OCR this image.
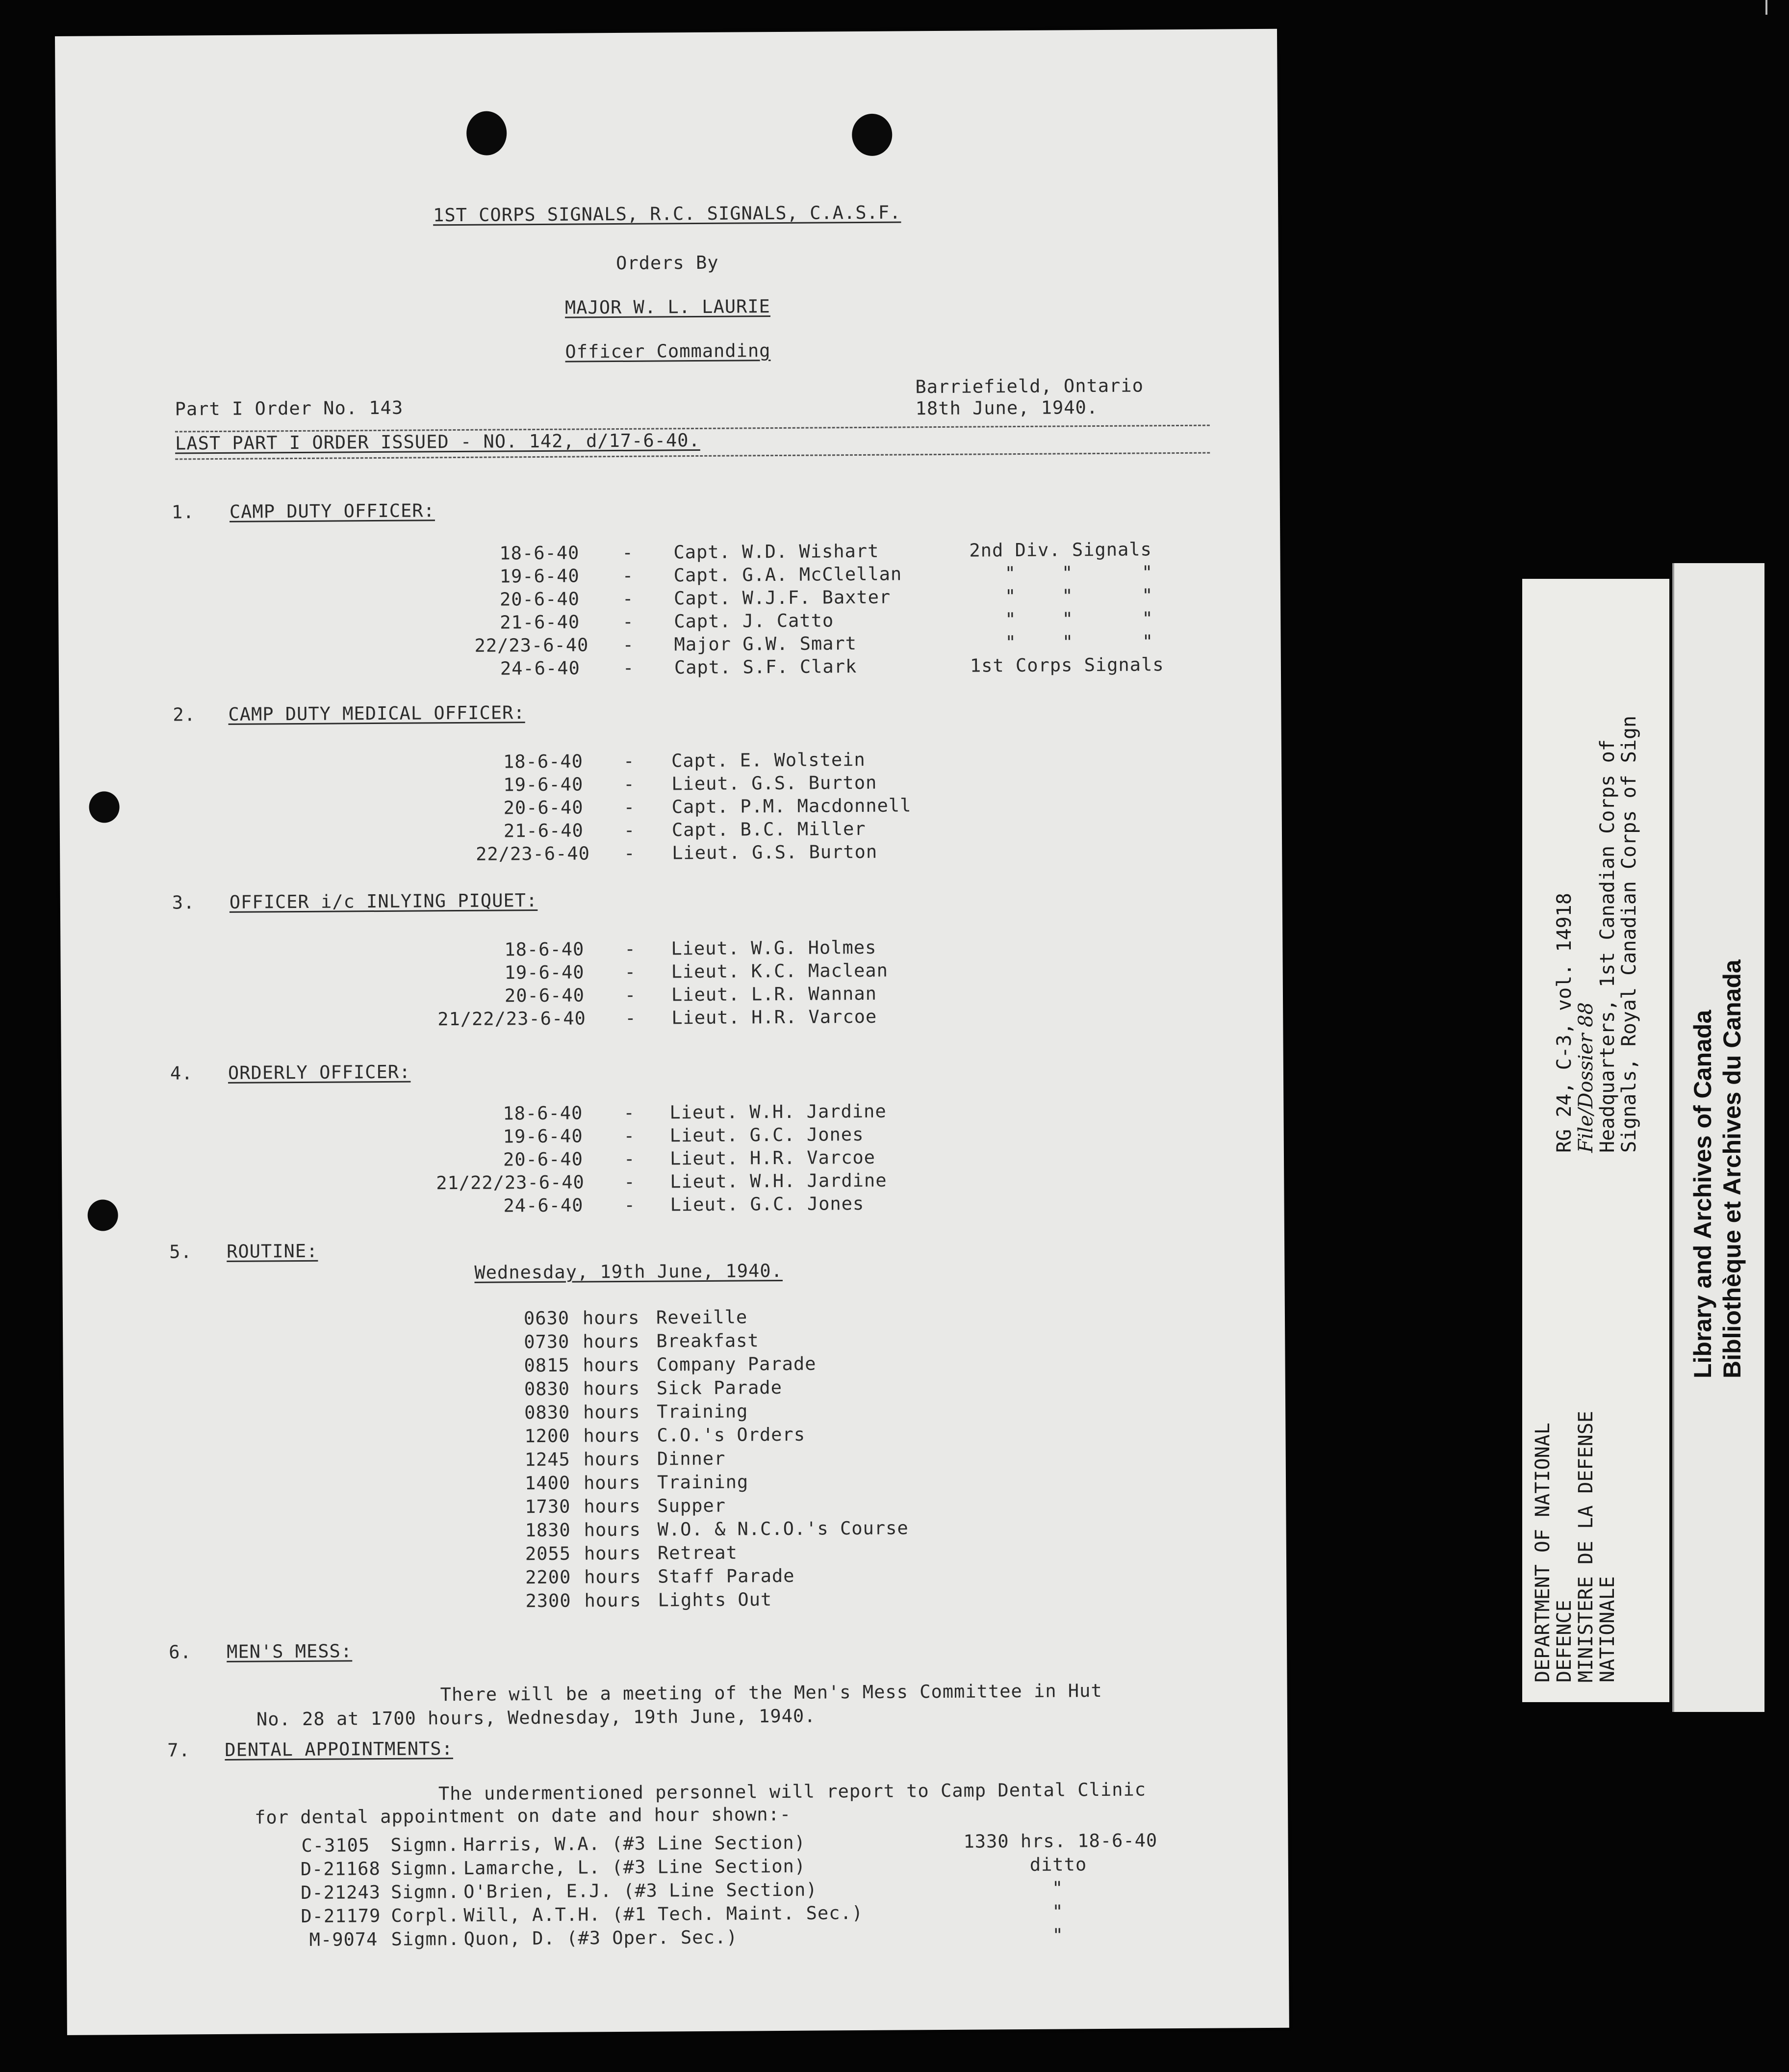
1ST CORPS SIGNALS, R.C. SIGNALS, C.A.S.F.
Orders By
MAJOR W. L. LAURIE
Officer Commanding
Part I Order No. 143
Barriefield, Ontario
18th June, 1940.
LAST PART I ORDER ISSUED - NO. 142, d/17-6-40.
1. CAMP DUTY OFFICER:
18-6-40 - Capt. W.D. Wishart	2nd Div. Signals
19-6-40 - Capt. G.A. McClellan	"    "      "
20-6-40 - Capt. W.J.F. Baxter	"    "      "
21-6-40 - Capt. J. Catto	"    "      "
22/23-6-40 - Major G.W. Smart	"    "      "
24-6-40 - Capt. S.F. Clark	1st Corps Signals
2. CAMP DUTY MEDICAL OFFICER:
18-6-40 - Capt. E. Wolstein
19-6-40 - Lieut. G.S. Burton
20-6-40 - Capt. P.M. Macdonnell
21-6-40 - Capt. B.C. Miller
22/23-6-40 - Lieut. G.S. Burton
3. OFFICER i/c INLYING PIQUET:
18-6-40 - Lieut. W.G. Holmes
19-6-40 - Lieut. K.C. Maclean
20-6-40 - Lieut. L.R. Wannan
21/22/23-6-40 - Lieut. H.R. Varcoe
4. ORDERLY OFFICER:
18-6-40 - Lieut. W.H. Jardine
19-6-40 - Lieut. G.C. Jones
20-6-40 - Lieut. H.R. Varcoe
21/22/23-6-40 - Lieut. W.H. Jardine
24-6-40 - Lieut. G.C. Jones
5. ROUTINE:
Wednesday, 19th June, 1940.
0630 hours Reveille
0730 hours Breakfast
0815 hours Company Parade
0830 hours Sick Parade
0830 hours Training
1200 hours C.O.'s Orders
1245 hours Dinner
1400 hours Training
1730 hours Supper
1830 hours W.O. & N.C.O.'s Course
2055 hours Retreat
2200 hours Staff Parade
2300 hours Lights Out
6. MEN'S MESS:
There will be a meeting of the Men's Mess Committee in Hut
No. 28 at 1700 hours, Wednesday, 19th June, 1940.
7. DENTAL APPOINTMENTS:
The undermentioned personnel will report to Camp Dental Clinic
for dental appointment on date and hour shown:-
C-3105 Sigmn. Harris, W.A. (#3 Line Section)	1330 hrs. 18-6-40
D-21168 Sigmn. Lamarche, L. (#3 Line Section)	ditto
D-21243 Sigmn. O'Brien, E.J. (#3 Line Section)	"
D-21179 Corpl. Will, A.T.H. (#1 Tech. Maint. Sec.)	"
M-9074 Sigmn. Quon, D. (#3 Oper. Sec.)	"
DEPARTMENT OF NATIONAL
DEFENCE
MINISTERE DE LA DEFENSE
NATIONALE
RG 24, C-3, vol. 14918
File/Dossier 88
Headquarters, 1st Canadian Corps of
Signals, Royal Canadian Corps of Sign
Library and Archives of Canada Bibliothèque et Archives du Canada
